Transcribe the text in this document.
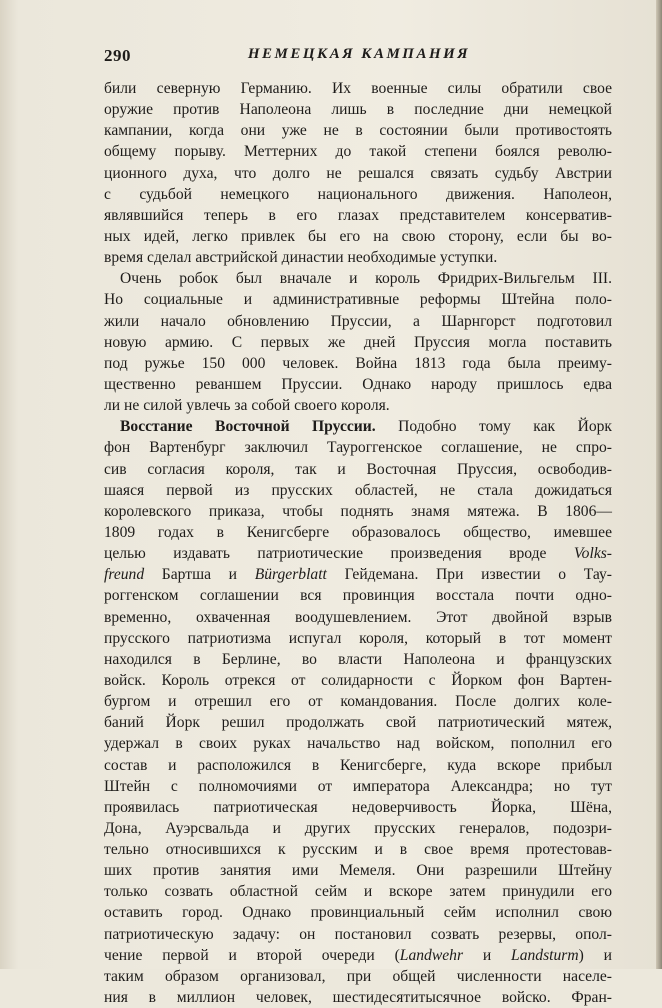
290	НЕМЕЦКАЯ КАМПАНИЯ
били северную Германию. Их военные силы обратили свое
оружие против Наполеона лишь в последние дни немецкой
кампании, когда они уже не в состоянии были противостоять
общему порыву. Меттерних до такой степени боялся револю-
ционного духа, что долго не решался связать судьбу Австрии
с судьбой немецкого национального движения. Наполеон,
являвшийся теперь в его глазах представителем консерватив-
ных идей, легко привлек бы его на свою сторону, если бы во-
время сделал австрийской династии необходимые уступки.
Очень робок был вначале и король Фридрих-Вильгельм III.
Но социальные и административные реформы Штейна поло-
жили начало обновлению Пруссии, а Шарнгорст подготовил
новую армию. С первых же дней Пруссия могла поставить
под ружье 150 000 человек. Война 1813 года была преиму-
щественно реваншем Пруссии. Однако народу пришлось едва
ли не силой увлечь за собой своего короля.
Восстание Восточной Пруссии. Подобно тому как Йорк
фон Вартенбург заключил Тауроггенское соглашение, не спро-
сив согласия короля, так и Восточная Пруссия, освободив-
шаяся первой из прусских областей, не стала дожидаться
королевского приказа, чтобы поднять знамя мятежа. В 1806—
1809 годах в Кенигсберге образовалось общество, имевшее
целью издавать патриотические произведения вроде Volks-
freund Бартша и Bürgerblatt Гейдемана. При известии о Тау-
роггенском соглашении вся провинция восстала почти одно-
временно, охваченная воодушевлением. Этот двойной взрыв
прусского патриотизма испугал короля, который в тот момент
находился в Берлине, во власти Наполеона и французских
войск. Король отрекся от солидарности с Йорком фон Вартен-
бургом и отрешил его от командования. После долгих коле-
баний Йорк решил продолжать свой патриотический мятеж,
удержал в своих руках начальство над войском, пополнил его
состав и расположился в Кенигсберге, куда вскоре прибыл
Штейн с полномочиями от императора Александра; но тут
проявилась патриотическая недоверчивость Йорка, Шёна,
Дона, Ауэрсвальда и других прусских генералов, подозри-
тельно относившихся к русским и в свое время протестовав-
ших против занятия ими Мемеля. Они разрешили Штейну
только созвать областной сейм и вскоре затем принудили его
оставить город. Однако провинциальный сейм исполнил свою
патриотическую задачу: он постановил созвать резервы, опол-
чение первой и второй очереди (Landwehr и Landsturm) и
таким образом организовал, при общей численности населе-
ния в миллион человек, шестидесятитысячное войско. Фран-
